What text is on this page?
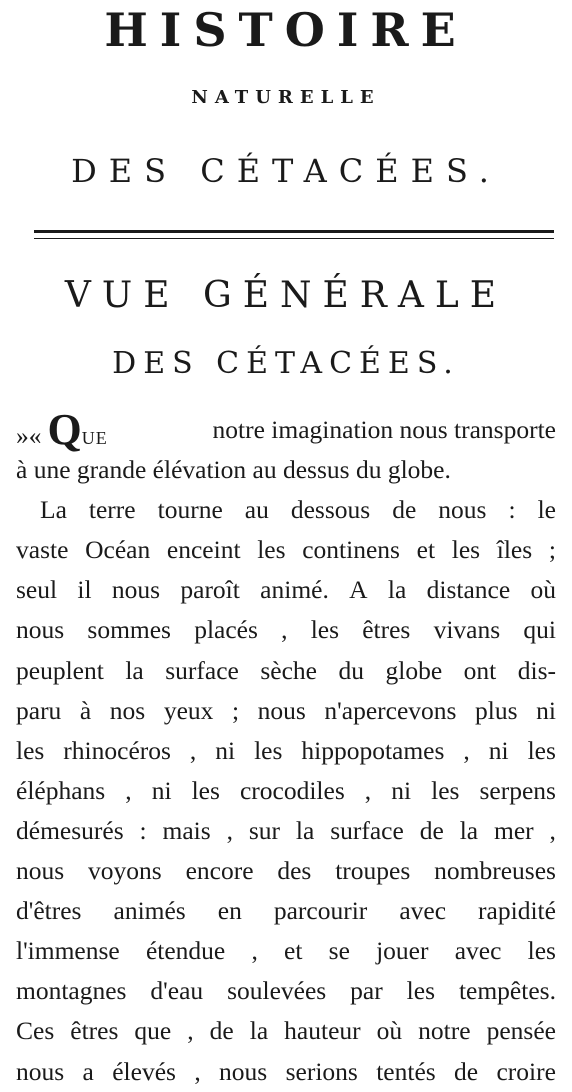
HISTOIRE
NATURELLE
DES CÉTACÉES.
VUE GÉNÉRALE
DES CÉTACÉES.
»« QUE	notre imagination nous transporte
à
une
grande
élévation
au
dessus
du
globe.
La terre tourne au dessous de nous : le
vaste Océan enceint les continens et les îles ;
seul il nous paroît animé. A la distance où
nous sommes placés , les êtres vivans qui
peuplent la surface sèche du globe ont dis-
paru à nos yeux ; nous n'apercevons plus ni
les rhinocéros , ni les hippopotames , ni les
éléphans , ni les crocodiles , ni les serpens
démesurés : mais , sur la surface de la mer ,
nous voyons encore des troupes nombreuses
d'êtres animés en parcourir avec rapidité
l'immense étendue , et se jouer avec les
montagnes d'eau soulevées par les tempêtes.
Ces êtres que , de la hauteur où notre pensée
nous a élevés , nous serions tentés de croire
